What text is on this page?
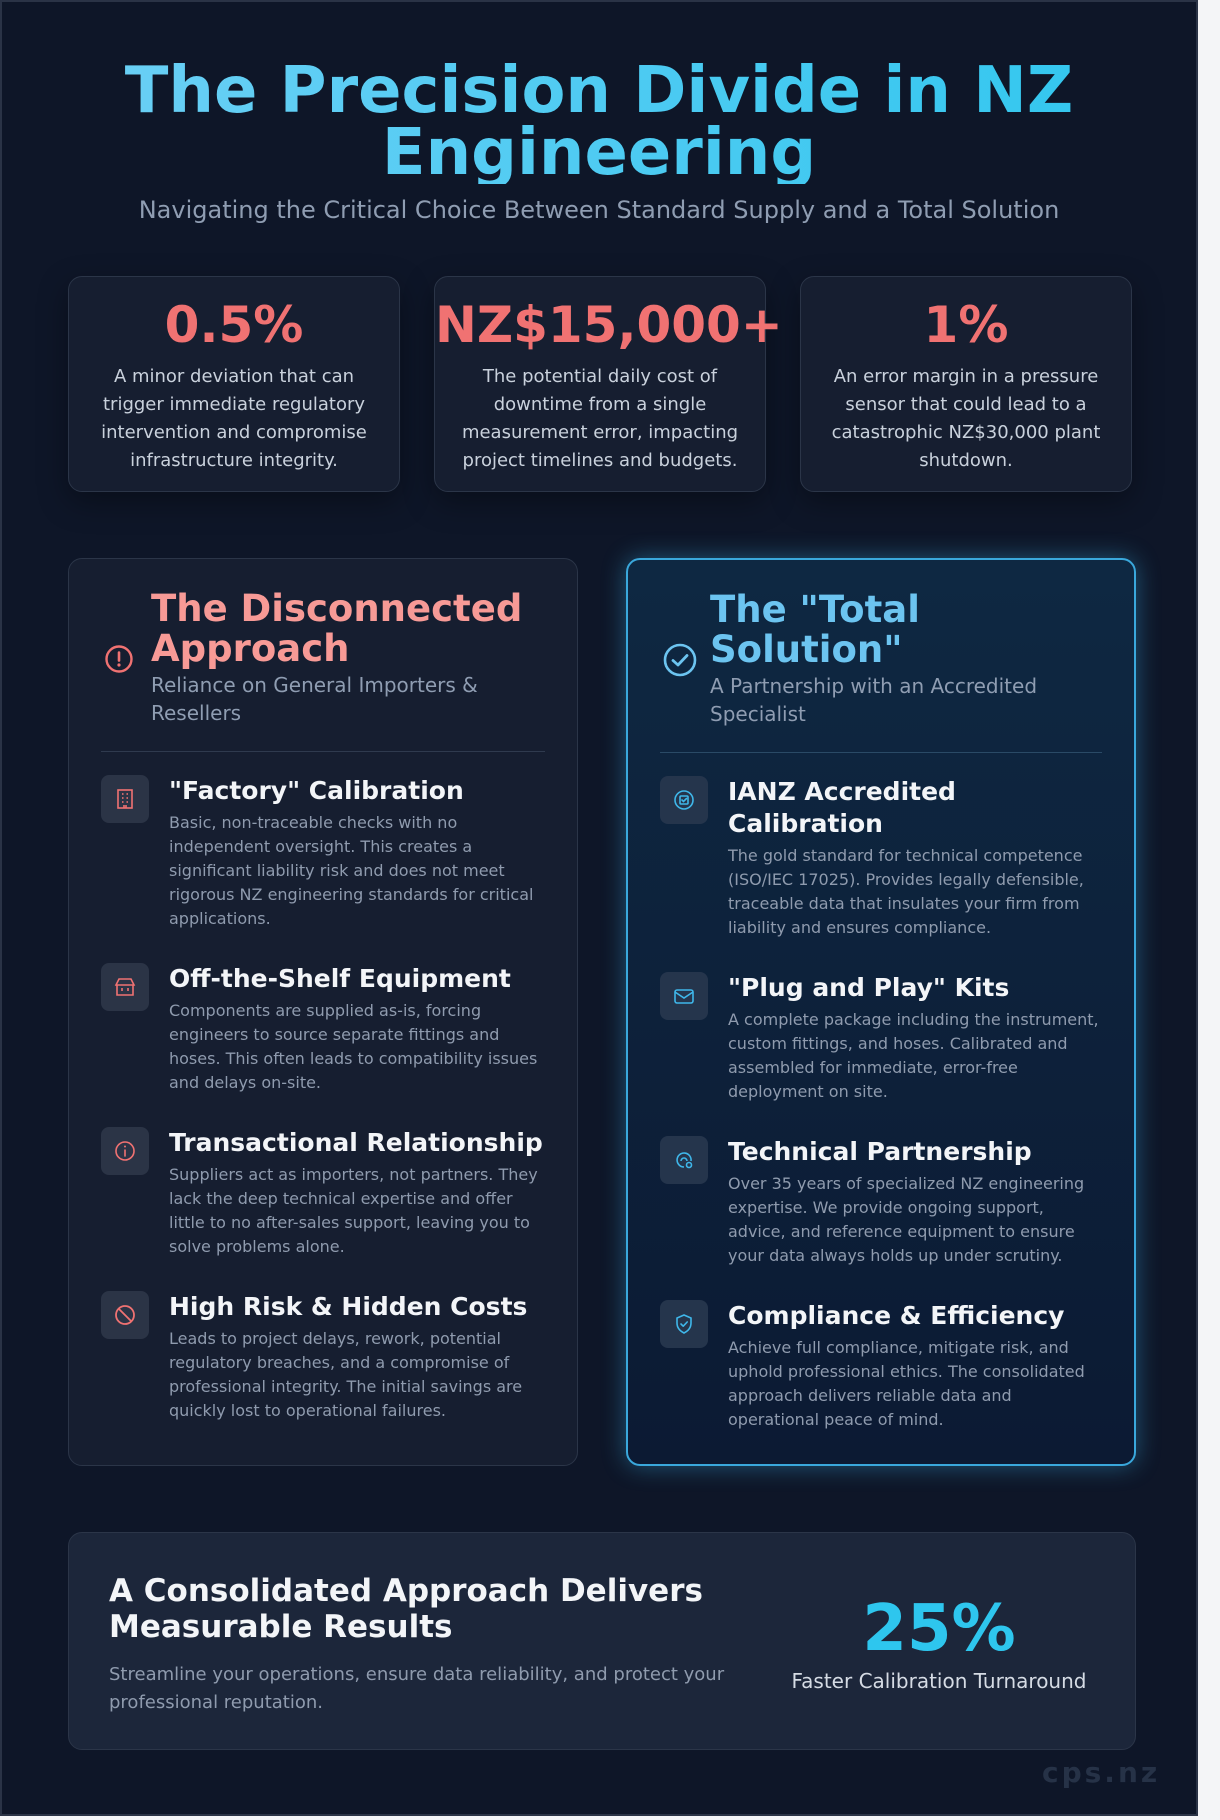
The Precision Divide in NZ Engineering
Navigating the Critical Choice Between Standard Supply and a Total Solution
0.5%
A minor deviation that can trigger immediate regulatory intervention and compromise infrastructure integrity.
NZ$15,000+
The potential daily cost of downtime from a single measurement error, impacting project timelines and budgets.
1%
An error margin in a pressure sensor that could lead to a catastrophic NZ$30,000 plant shutdown.
The Disconnected Approach
Reliance on General Importers & Resellers
"Factory" Calibration
Basic, non-traceable checks with no independent oversight. This creates a significant liability risk and does not meet rigorous NZ engineering standards for critical applications.
Off-the-Shelf Equipment
Components are supplied as-is, forcing engineers to source separate fittings and hoses. This often leads to compatibility issues and delays on-site.
Transactional Relationship
Suppliers act as importers, not partners. They lack the deep technical expertise and offer little to no after-sales support, leaving you to solve problems alone.
High Risk & Hidden Costs
Leads to project delays, rework, potential regulatory breaches, and a compromise of professional integrity. The initial savings are quickly lost to operational failures.
The "Total Solution"
A Partnership with an Accredited Specialist
IANZ Accredited Calibration
The gold standard for technical competence (ISO/IEC 17025). Provides legally defensible, traceable data that insulates your firm from liability and ensures compliance.
"Plug and Play" Kits
A complete package including the instrument, custom fittings, and hoses. Calibrated and assembled for immediate, error-free deployment on site.
Technical Partnership
Over 35 years of specialized NZ engineering expertise. We provide ongoing support, advice, and reference equipment to ensure your data always holds up under scrutiny.
Compliance & Efficiency
Achieve full compliance, mitigate risk, and uphold professional ethics. The consolidated approach delivers reliable data and operational peace of mind.
A Consolidated Approach Delivers Measurable Results
Streamline your operations, ensure data reliability, and protect your professional reputation.
25%
Faster Calibration Turnaround
cps.nz
